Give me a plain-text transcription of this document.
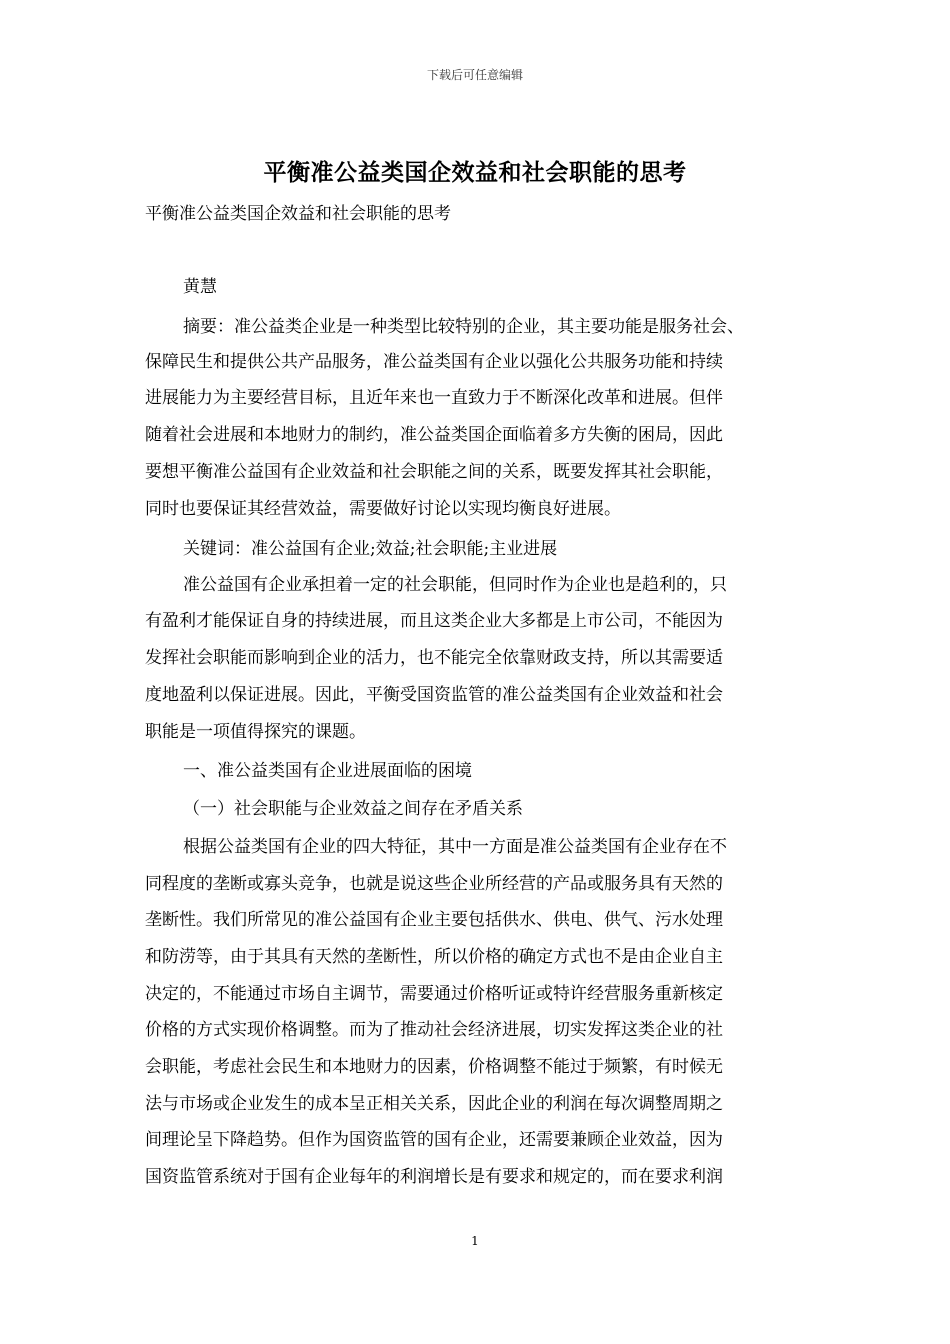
下载后可任意编辑
平衡准公益类国企效益和社会职能的思考
平衡准公益类国企效益和社会职能的思考
黄慧
摘要：准公益类企业是一种类型比较特别的企业，其主要功能是服务社会、
保障民生和提供公共产品服务，准公益类国有企业以强化公共服务功能和持续
进展能力为主要经营目标，且近年来也一直致力于不断深化改革和进展。但伴
随着社会进展和本地财力的制约，准公益类国企面临着多方失衡的困局，因此
要想平衡准公益国有企业效益和社会职能之间的关系，既要发挥其社会职能，
同时也要保证其经营效益，需要做好讨论以实现均衡良好进展。
关键词：准公益国有企业;效益;社会职能;主业进展
准公益国有企业承担着一定的社会职能，但同时作为企业也是趋利的，只
有盈利才能保证自身的持续进展，而且这类企业大多都是上市公司，不能因为
发挥社会职能而影响到企业的活力，也不能完全依靠财政支持，所以其需要适
度地盈利以保证进展。因此，平衡受国资监管的准公益类国有企业效益和社会
职能是一项值得探究的课题。
一、准公益类国有企业进展面临的困境
（一）社会职能与企业效益之间存在矛盾关系
根据公益类国有企业的四大特征，其中一方面是准公益类国有企业存在不
同程度的垄断或寡头竞争，也就是说这些企业所经营的产品或服务具有天然的
垄断性。我们所常见的准公益国有企业主要包括供水、供电、供气、污水处理
和防涝等，由于其具有天然的垄断性，所以价格的确定方式也不是由企业自主
决定的，不能通过市场自主调节，需要通过价格听证或特许经营服务重新核定
价格的方式实现价格调整。而为了推动社会经济进展，切实发挥这类企业的社
会职能，考虑社会民生和本地财力的因素，价格调整不能过于频繁，有时候无
法与市场或企业发生的成本呈正相关关系，因此企业的利润在每次调整周期之
间理论呈下降趋势。但作为国资监管的国有企业，还需要兼顾企业效益，因为
国资监管系统对于国有企业每年的利润增长是有要求和规定的，而在要求利润
1
